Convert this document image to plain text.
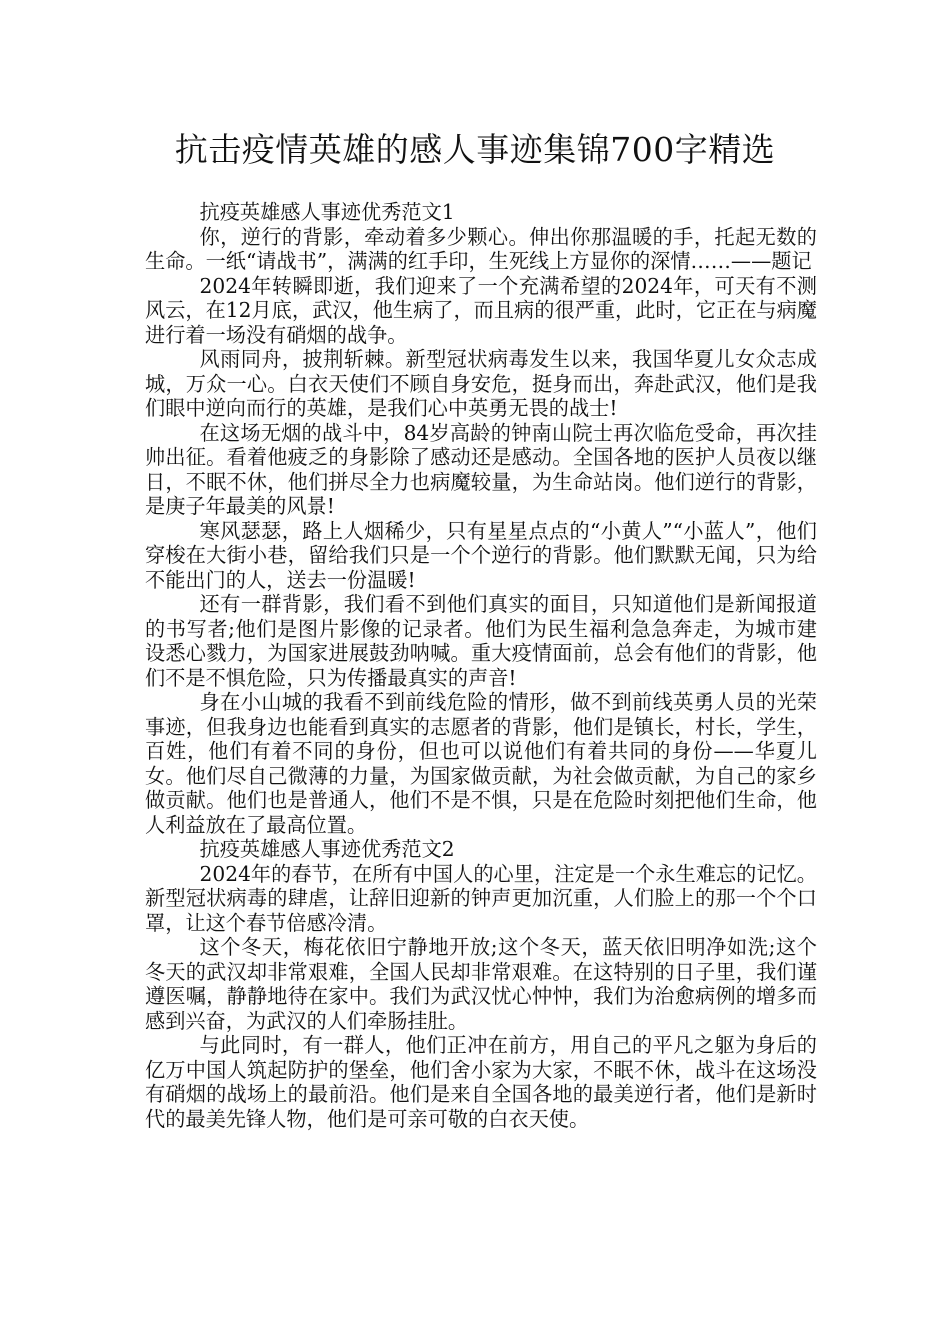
抗击疫情英雄的感人事迹集锦700字精选

抗疫英雄感人事迹优秀范文1

你，逆行的背影，牵动着多少颗心。伸出你那温暖的手，托起无数的生命。一纸“请战书”，满满的红手印，生死线上方显你的深情……——题记

2024年转瞬即逝，我们迎来了一个充满希望的2024年，可天有不测风云，在12月底，武汉，他生病了，而且病的很严重，此时，它正在与病魔进行着一场没有硝烟的战争。

风雨同舟，披荆斩棘。新型冠状病毒发生以来，我国华夏儿女众志成城，万众一心。白衣天使们不顾自身安危，挺身而出，奔赴武汉，他们是我们眼中逆向而行的英雄，是我们心中英勇无畏的战士!

在这场无烟的战斗中，84岁高龄的钟南山院士再次临危受命，再次挂帅出征。看着他疲乏的身影除了感动还是感动。全国各地的医护人员夜以继日，不眠不休，他们拼尽全力也病魔较量，为生命站岗。他们逆行的背影，是庚子年最美的风景!

寒风瑟瑟，路上人烟稀少，只有星星点点的“小黄人”“小蓝人”，他们穿梭在大街小巷，留给我们只是一个个逆行的背影。他们默默无闻，只为给不能出门的人，送去一份温暖!

还有一群背影，我们看不到他们真实的面目，只知道他们是新闻报道的书写者;他们是图片影像的记录者。他们为民生福利急急奔走，为城市建设悉心戮力，为国家进展鼓劲呐喊。重大疫情面前，总会有他们的背影，他们不是不惧危险，只为传播最真实的声音!

身在小山城的我看不到前线危险的情形，做不到前线英勇人员的光荣事迹，但我身边也能看到真实的志愿者的背影，他们是镇长，村长，学生，百姓，他们有着不同的身份，但也可以说他们有着共同的身份——华夏儿女。他们尽自己微薄的力量，为国家做贡献，为社会做贡献，为自己的家乡做贡献。他们也是普通人，他们不是不惧，只是在危险时刻把他们生命，他人利益放在了最高位置。

抗疫英雄感人事迹优秀范文2

2024年的春节，在所有中国人的心里，注定是一个永生难忘的记忆。新型冠状病毒的肆虐，让辞旧迎新的钟声更加沉重，人们脸上的那一个个口罩，让这个春节倍感冷清。

这个冬天，梅花依旧宁静地开放;这个冬天，蓝天依旧明净如洗;这个冬天的武汉却非常艰难，全国人民却非常艰难。在这特别的日子里，我们谨遵医嘱，静静地待在家中。我们为武汉忧心忡忡，我们为治愈病例的增多而感到兴奋，为武汉的人们牵肠挂肚。

与此同时，有一群人，他们正冲在前方，用自己的平凡之躯为身后的亿万中国人筑起防护的堡垒，他们舍小家为大家，不眠不休，战斗在这场没有硝烟的战场上的最前沿。他们是来自全国各地的最美逆行者，他们是新时代的最美先锋人物，他们是可亲可敬的白衣天使。
